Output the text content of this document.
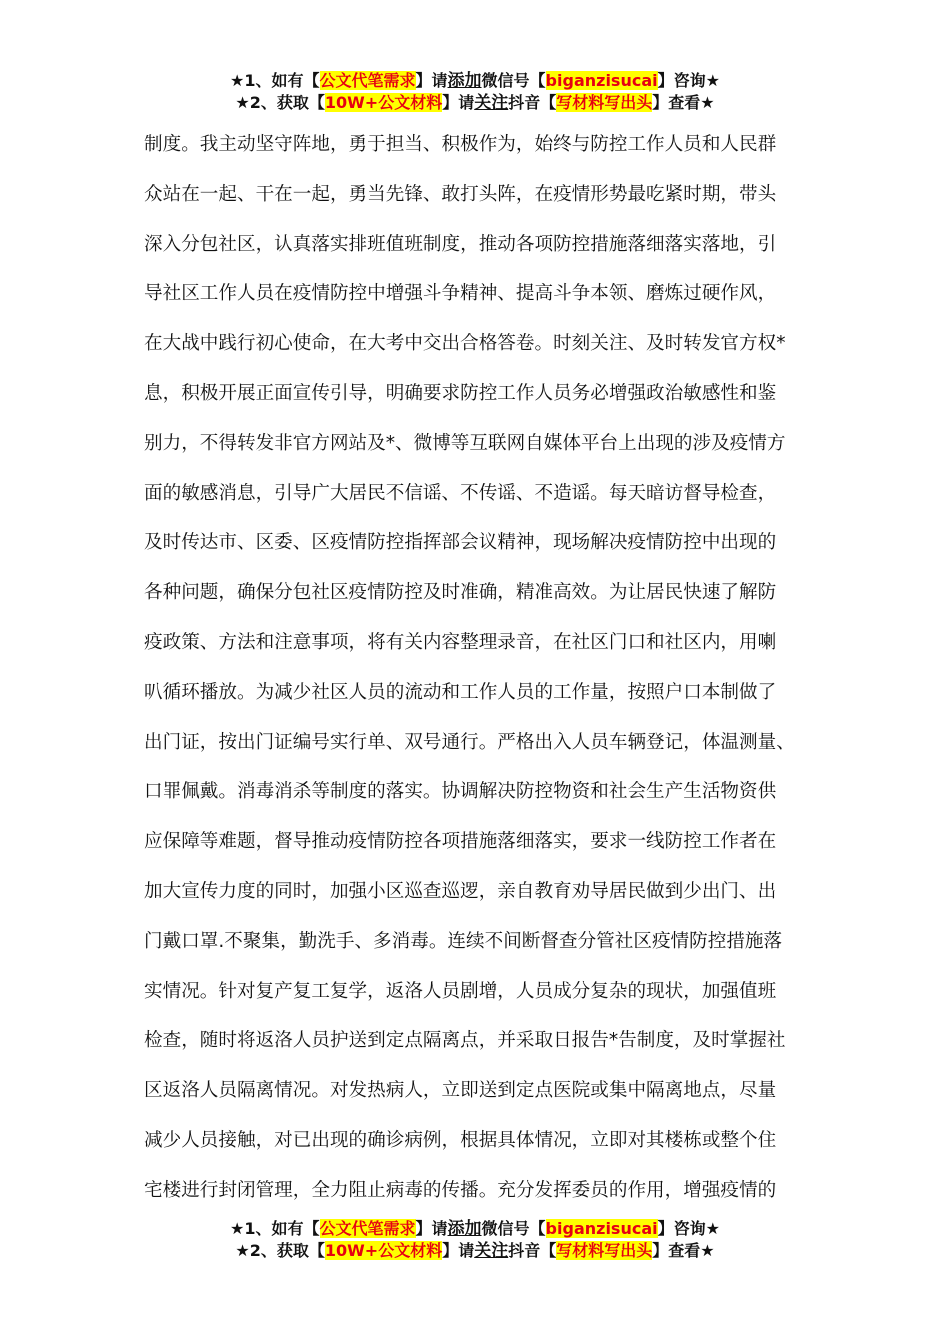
★1、如有【公文代笔需求】请添加微信号【biganzisucai】咨询★
★2、获取【10W+公文材料】请关注抖音【写材料写出头】查看★
制度。我主动坚守阵地，勇于担当、积极作为，始终与防控工作人员和人民群
众站在一起、干在一起，勇当先锋、敢打头阵，在疫情形势最吃紧时期，带头
深入分包社区，认真落实排班值班制度，推动各项防控措施落细落实落地，引
导社区工作人员在疫情防控中增强斗争精神、提高斗争本领、磨炼过硬作风，
在大战中践行初心使命，在大考中交出合格答卷。时刻关注、及时转发官方权*
息，积极开展正面宣传引导，明确要求防控工作人员务必增强政治敏感性和鉴
别力，不得转发非官方网站及*、微博等互联网自媒体平台上出现的涉及疫情方
面的敏感消息，引导广大居民不信谣、不传谣、不造谣。每天暗访督导检查，
及时传达市、区委、区疫情防控指挥部会议精神，现场解决疫情防控中出现的
各种问题，确保分包社区疫情防控及时准确，精准高效。为让居民快速了解防
疫政策、方法和注意事项，将有关内容整理录音，在社区门口和社区内，用喇
叭循环播放。为减少社区人员的流动和工作人员的工作量，按照户口本制做了
出门证，按出门证编号实行单、双号通行。严格出入人员车辆登记，体温测量、
口罪佩戴。消毒消杀等制度的落实。协调解决防控物资和社会生产生活物资供
应保障等难题，督导推动疫情防控各项措施落细落实，要求一线防控工作者在
加大宣传力度的同时，加强小区巡查巡逻，亲自教育劝导居民做到少出门、出
门戴口罩.不聚集，勤洗手、多消毒。连续不间断督查分管社区疫情防控措施落
实情况。针对复产复工复学，返洛人员剧增，人员成分复杂的现状，加强值班
检查，随时将返洛人员护送到定点隔离点，并采取日报告*告制度，及时掌握社
区返洛人员隔离情况。对发热病人，立即送到定点医院或集中隔离地点，尽量
减少人员接触，对已出现的确诊病例，根据具体情况，立即对其楼栋或整个住
宅楼进行封闭管理，全力阻止病毒的传播。充分发挥委员的作用，增强疫情的
★1、如有【公文代笔需求】请添加微信号【biganzisucai】咨询★
★2、获取【10W+公文材料】请关注抖音【写材料写出头】查看★
